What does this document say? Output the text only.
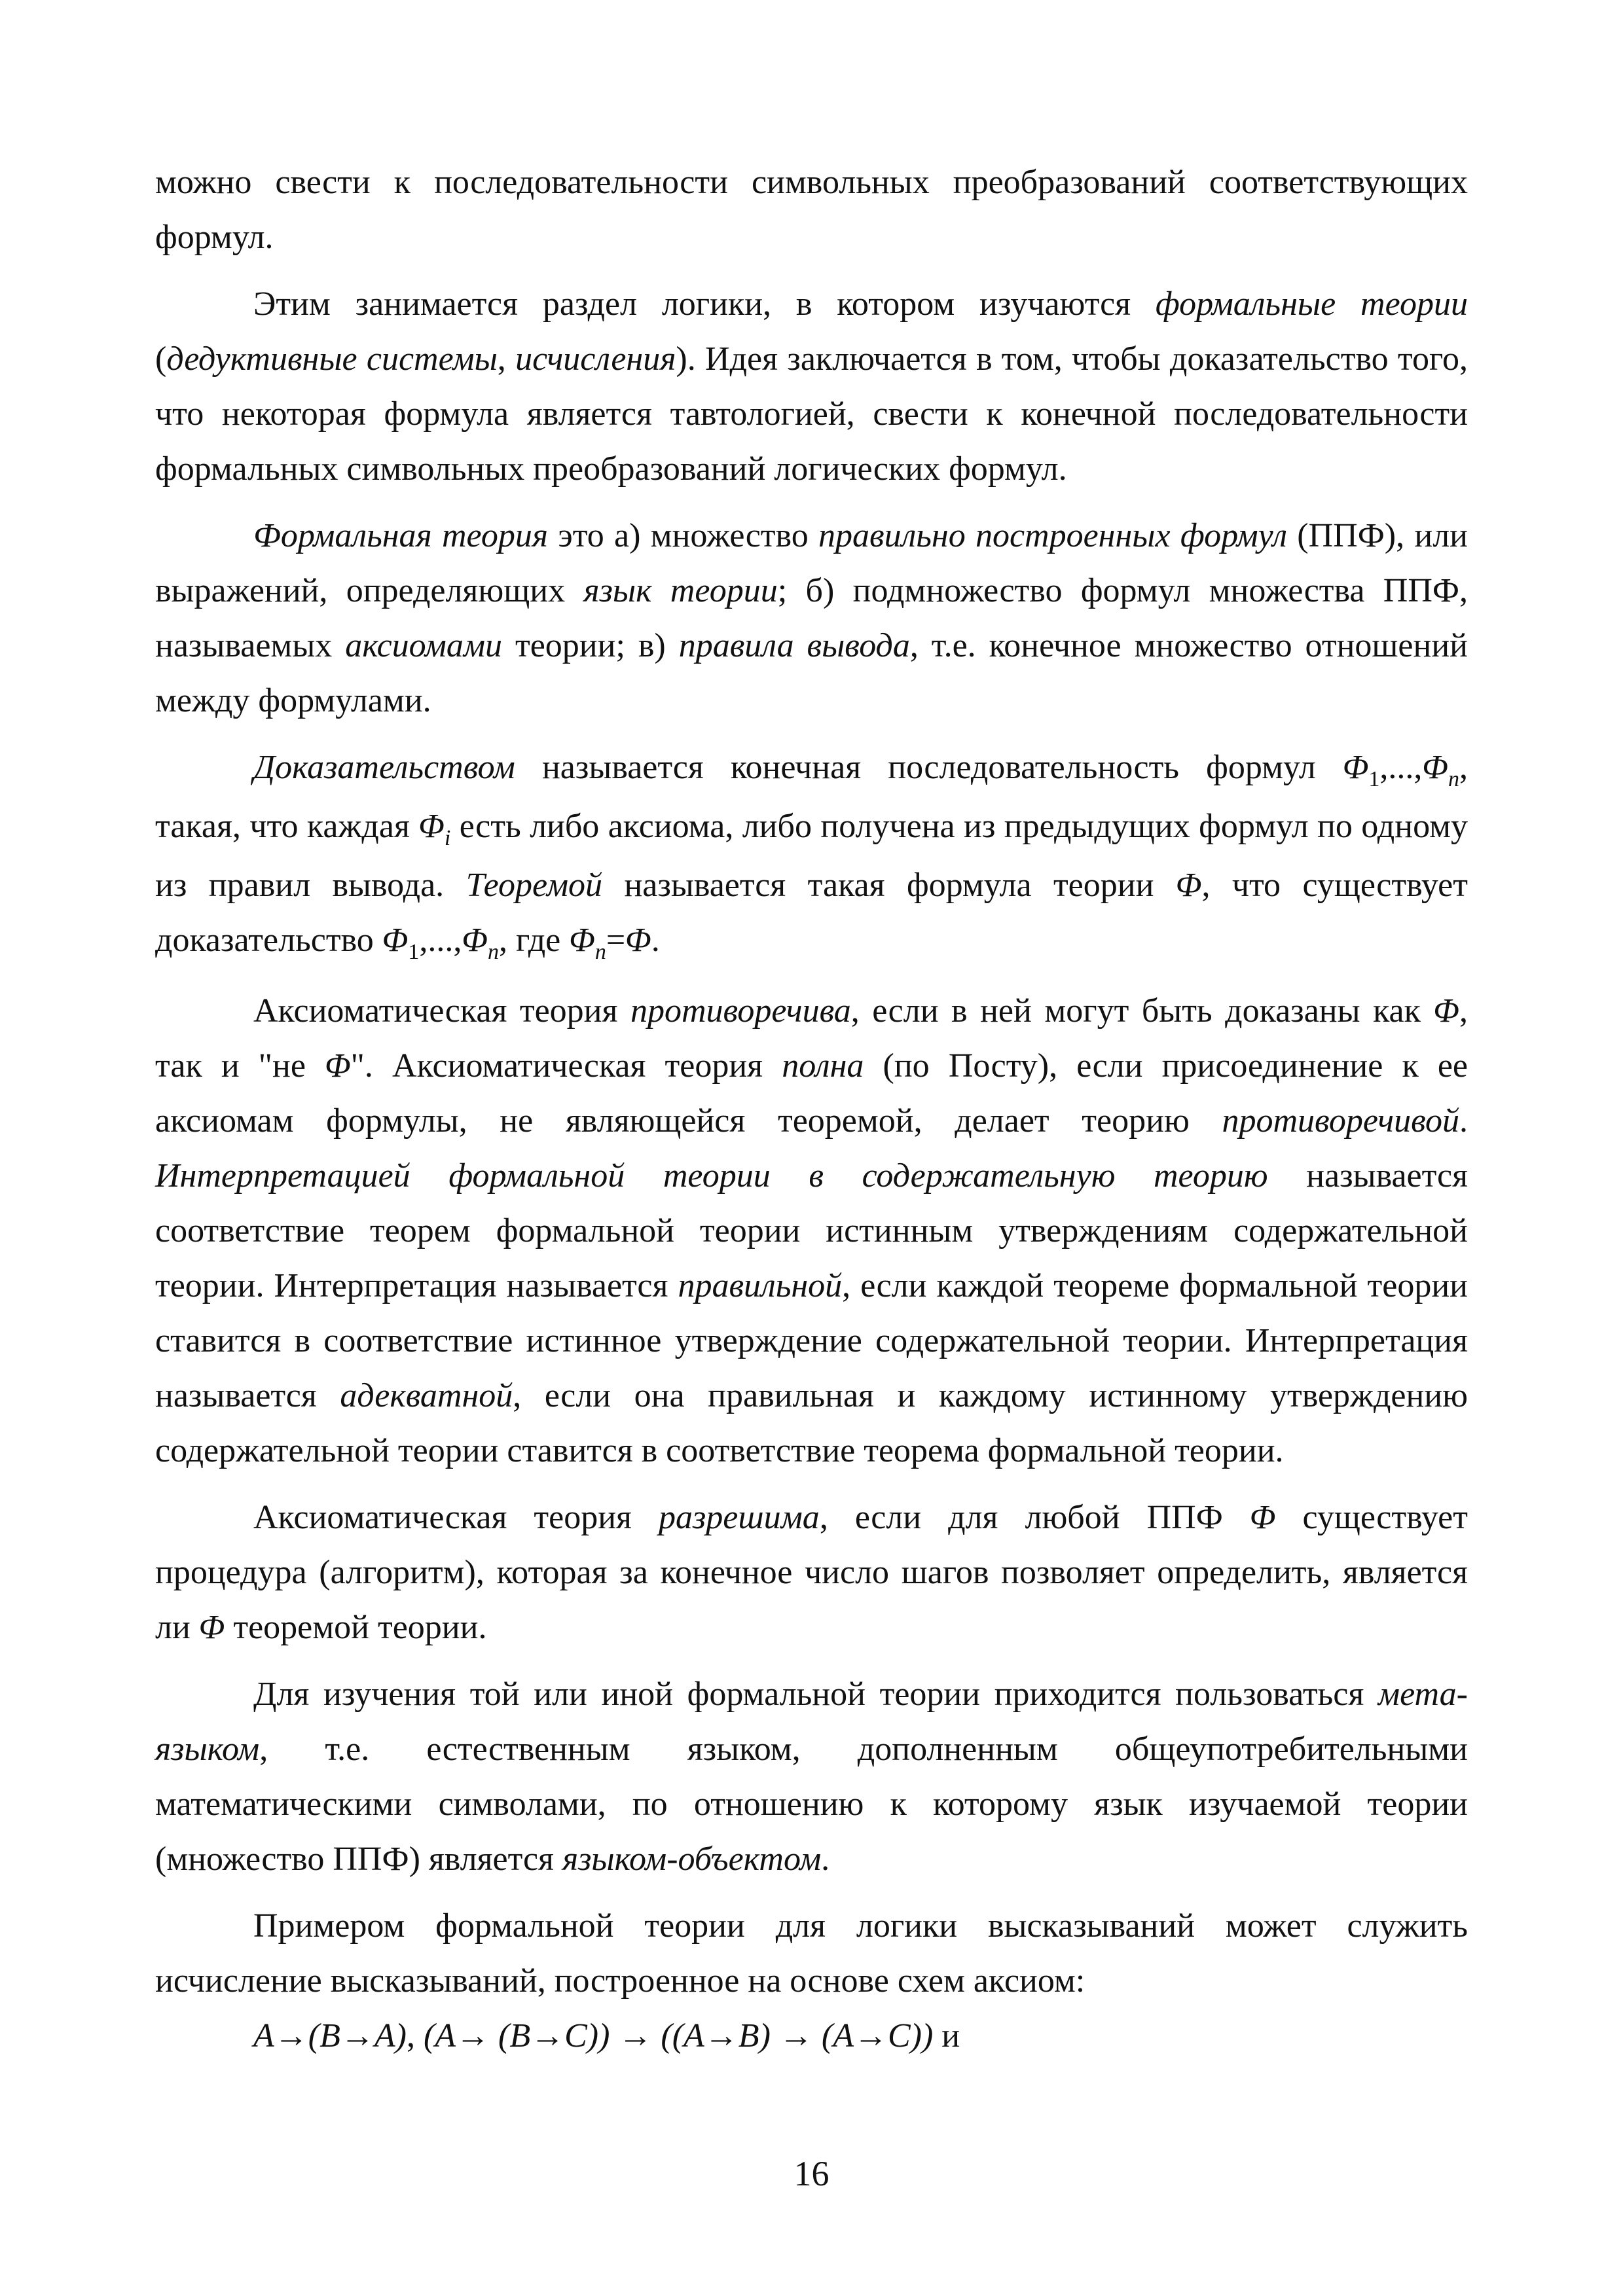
можно свести к последовательности символьных преобразований соответствующих формул.

Этим занимается раздел логики, в котором изучаются формальные теории (дедуктивные системы, исчисления). Идея заключается в том, чтобы доказательство того, что некоторая формула является тавтологией, свести к конечной последовательности формальных символьных преобразований логических формул.

Формальная теория это а) множество правильно построенных формул (ППФ), или выражений, определяющих язык теории; б) подмножество формул множества ППФ, называемых аксиомами теории; в) правила вывода, т.е. конечное множество отношений между формулами.

Доказательством называется конечная последовательность формул $\Phi_1,...,\Phi_n$, такая, что каждая $\Phi_i$ есть либо аксиома, либо получена из предыдущих формул по одному из правил вывода. Теоремой называется такая формула теории Φ, что существует доказательство $\Phi_1,...,\Phi_n$, где $\Phi_n=\Phi$.

Аксиоматическая теория противоречива, если в ней могут быть доказаны как Φ, так и "не Φ". Аксиоматическая теория полна (по Посту), если присоединение к ее аксиомам формулы, не являющейся теоремой, делает теорию противоречивой. Интерпретацией формальной теории в содержательную теорию называется соответствие теорем формальной теории истинным утверждениям содержательной теории. Интерпретация называется правильной, если каждой теореме формальной теории ставится в соответствие истинное утверждение содержательной теории. Интерпретация называется адекватной, если она правильная и каждому истинному утверждению содержательной теории ставится в соответствие теорема формальной теории.

Аксиоматическая теория разрешима, если для любой ППФ Φ существует процедура (алгоритм), которая за конечное число шагов позволяет определить, является ли Φ теоремой теории.

Для изучения той или иной формальной теории приходится пользоваться мета-языком, т.е. естественным языком, дополненным общеупотребительными математическими символами, по отношению к которому язык изучаемой теории (множество ППФ) является языком-объектом.

Примером формальной теории для логики высказываний может служить исчисление высказываний, построенное на основе схем аксиом:

A→(B→A), (A→ (B→C)) → ((A→B) → (A→C)) и

16
